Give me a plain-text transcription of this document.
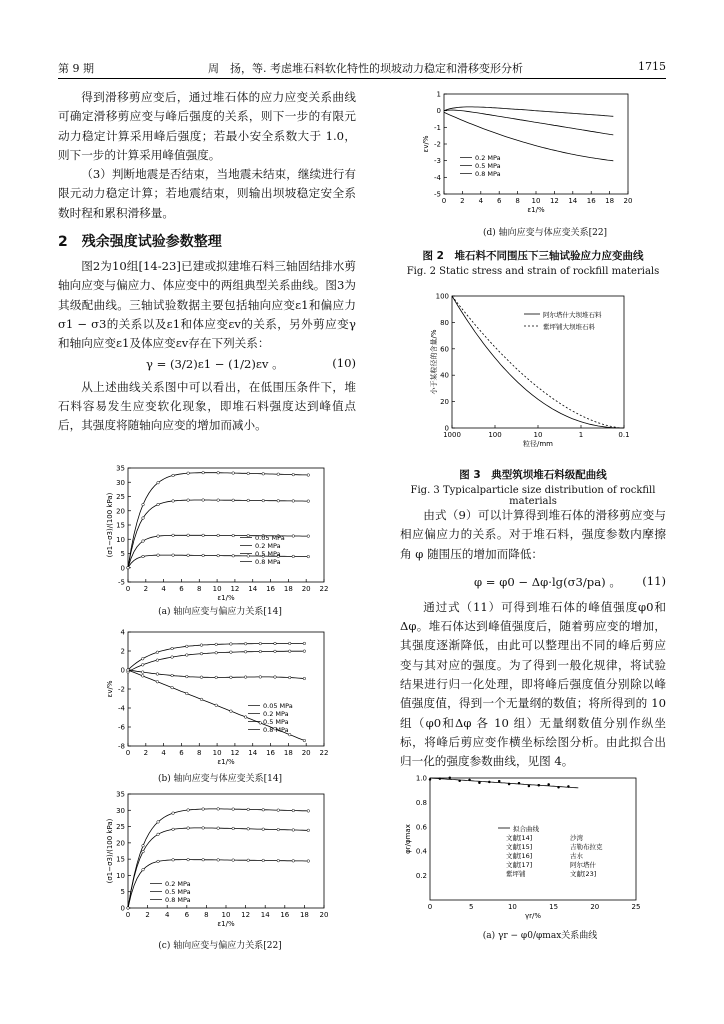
第 9 期	周　扬，等. 考虑堆石料软化特性的坝坡动力稳定和滑移变形分析	1715

得到滑移剪应变后，通过堆石体的应力应变关系曲线可确定滑移剪应变与峰后强度的关系，则下一步的有限元动力稳定计算采用峰后强度；若最小安全系数大于 1.0，则下一步的计算采用峰值强度。

（3）判断地震是否结束，当地震未结束，继续进行有限元动力稳定计算；若地震结束，则输出坝坡稳定安全系数时程和累积滑移量。

2　残余强度试验参数整理

图2为10组[14-23]已建或拟建堆石料三轴固结排水剪轴向应变与偏应力、体应变中的两组典型关系曲线。图3为其级配曲线。三轴试验数据主要包括轴向应变ε1和偏应力σ1 − σ3的关系以及ε1和体应变εv的关系，另外剪应变γ和轴向应变ε1及体应变εv存在下列关系：

γ = (3/2)ε1 − (1/2)εv 。	(10)

从上述曲线关系图中可以看出，在低围压条件下，堆石料容易发生应变软化现象，即堆石料强度达到峰值点后，其强度将随轴向应变的增加而减小。

0 2 4 6 8 10 12 14 16 18 20 22
-5
0
5
10
15
20
25
30
35
ε1/%
(σ1−σ3)/(100 kPa)	0.05 MPa
0.2 MPa
0.5 MPa
0.8 MPa
(a) 轴向应变与偏应力关系[14]
0 2 4 6 8 10 12 14 16 18 20 22
-8
-6
-4
-2
0
2
4
ε1/%
εv/%
0.05 MPa
0.2 MPa
0.5 MPa
0.8 MPa
(b) 轴向应变与体应变关系[14]
0 2 4 6 8 10 12 14 16 18 20
0
5
10
15
20
25
30
35
ε1/%
(σ1−σ3)/(100 kPa)
0.2 MPa
0.5 MPa
0.8 MPa
(c) 轴向应变与偏应力关系[22]
0 2 4 6 8 10 12 14 16 18 20
-5
-4
-3
-2
-1
0
1
ε1/%
εv/%
0.2 MPa
0.5 MPa
0.8 MPa
(d) 轴向应变与体应变关系[22]
图 2　堆石料不同围压下三轴试验应力应变曲线
Fig. 2 Static stress and strain of rockfill materials
1000	100	10	1	0.1
0
20
40
60
80
100
粒径/mm
小于某粒径的含量/%
阿尔塔什大坝堆石料
紫坪铺大坝堆石料
图 3　典型筑坝堆石料级配曲线
Fig. 3 Typicalparticle size distribution of rockfill materials

由式（9）可以计算得到堆石体的滑移剪应变与相应偏应力的关系。对于堆石料，强度参数内摩擦角 φ 随围压的增加而降低：

φ = φ0 − Δφ·lg(σ3/pa) 。 (11)

通过式（11）可得到堆石体的峰值强度φ0和Δφ。堆石体达到峰值强度后，随着剪应变的增加，其强度逐渐降低，由此可以整理出不同的峰后剪应变与其对应的强度。为了得到一般化规律，将试验结果进行归一化处理，即将峰后强度值分别除以峰值强度值，得到一个无量纲的数值；将所得到的 10 组（φ0和Δφ 各 10 组）无量纲数值分别作纵坐标，将峰后剪应变作横坐标绘图分析。由此拟合出归一化的强度参数曲线，见图 4。

0	5	10	15	20	25
0.2
0.4
0.6
0.8
1.0
γr/%
φr/φmax	拟合曲线
文献[14]
文献[15]
文献[16]
文献[17]
紫坪铺
沙湾
吉勒布拉克
古水
阿尔塔什
文献[23]
(a) γr − φ0/φmax关系曲线
